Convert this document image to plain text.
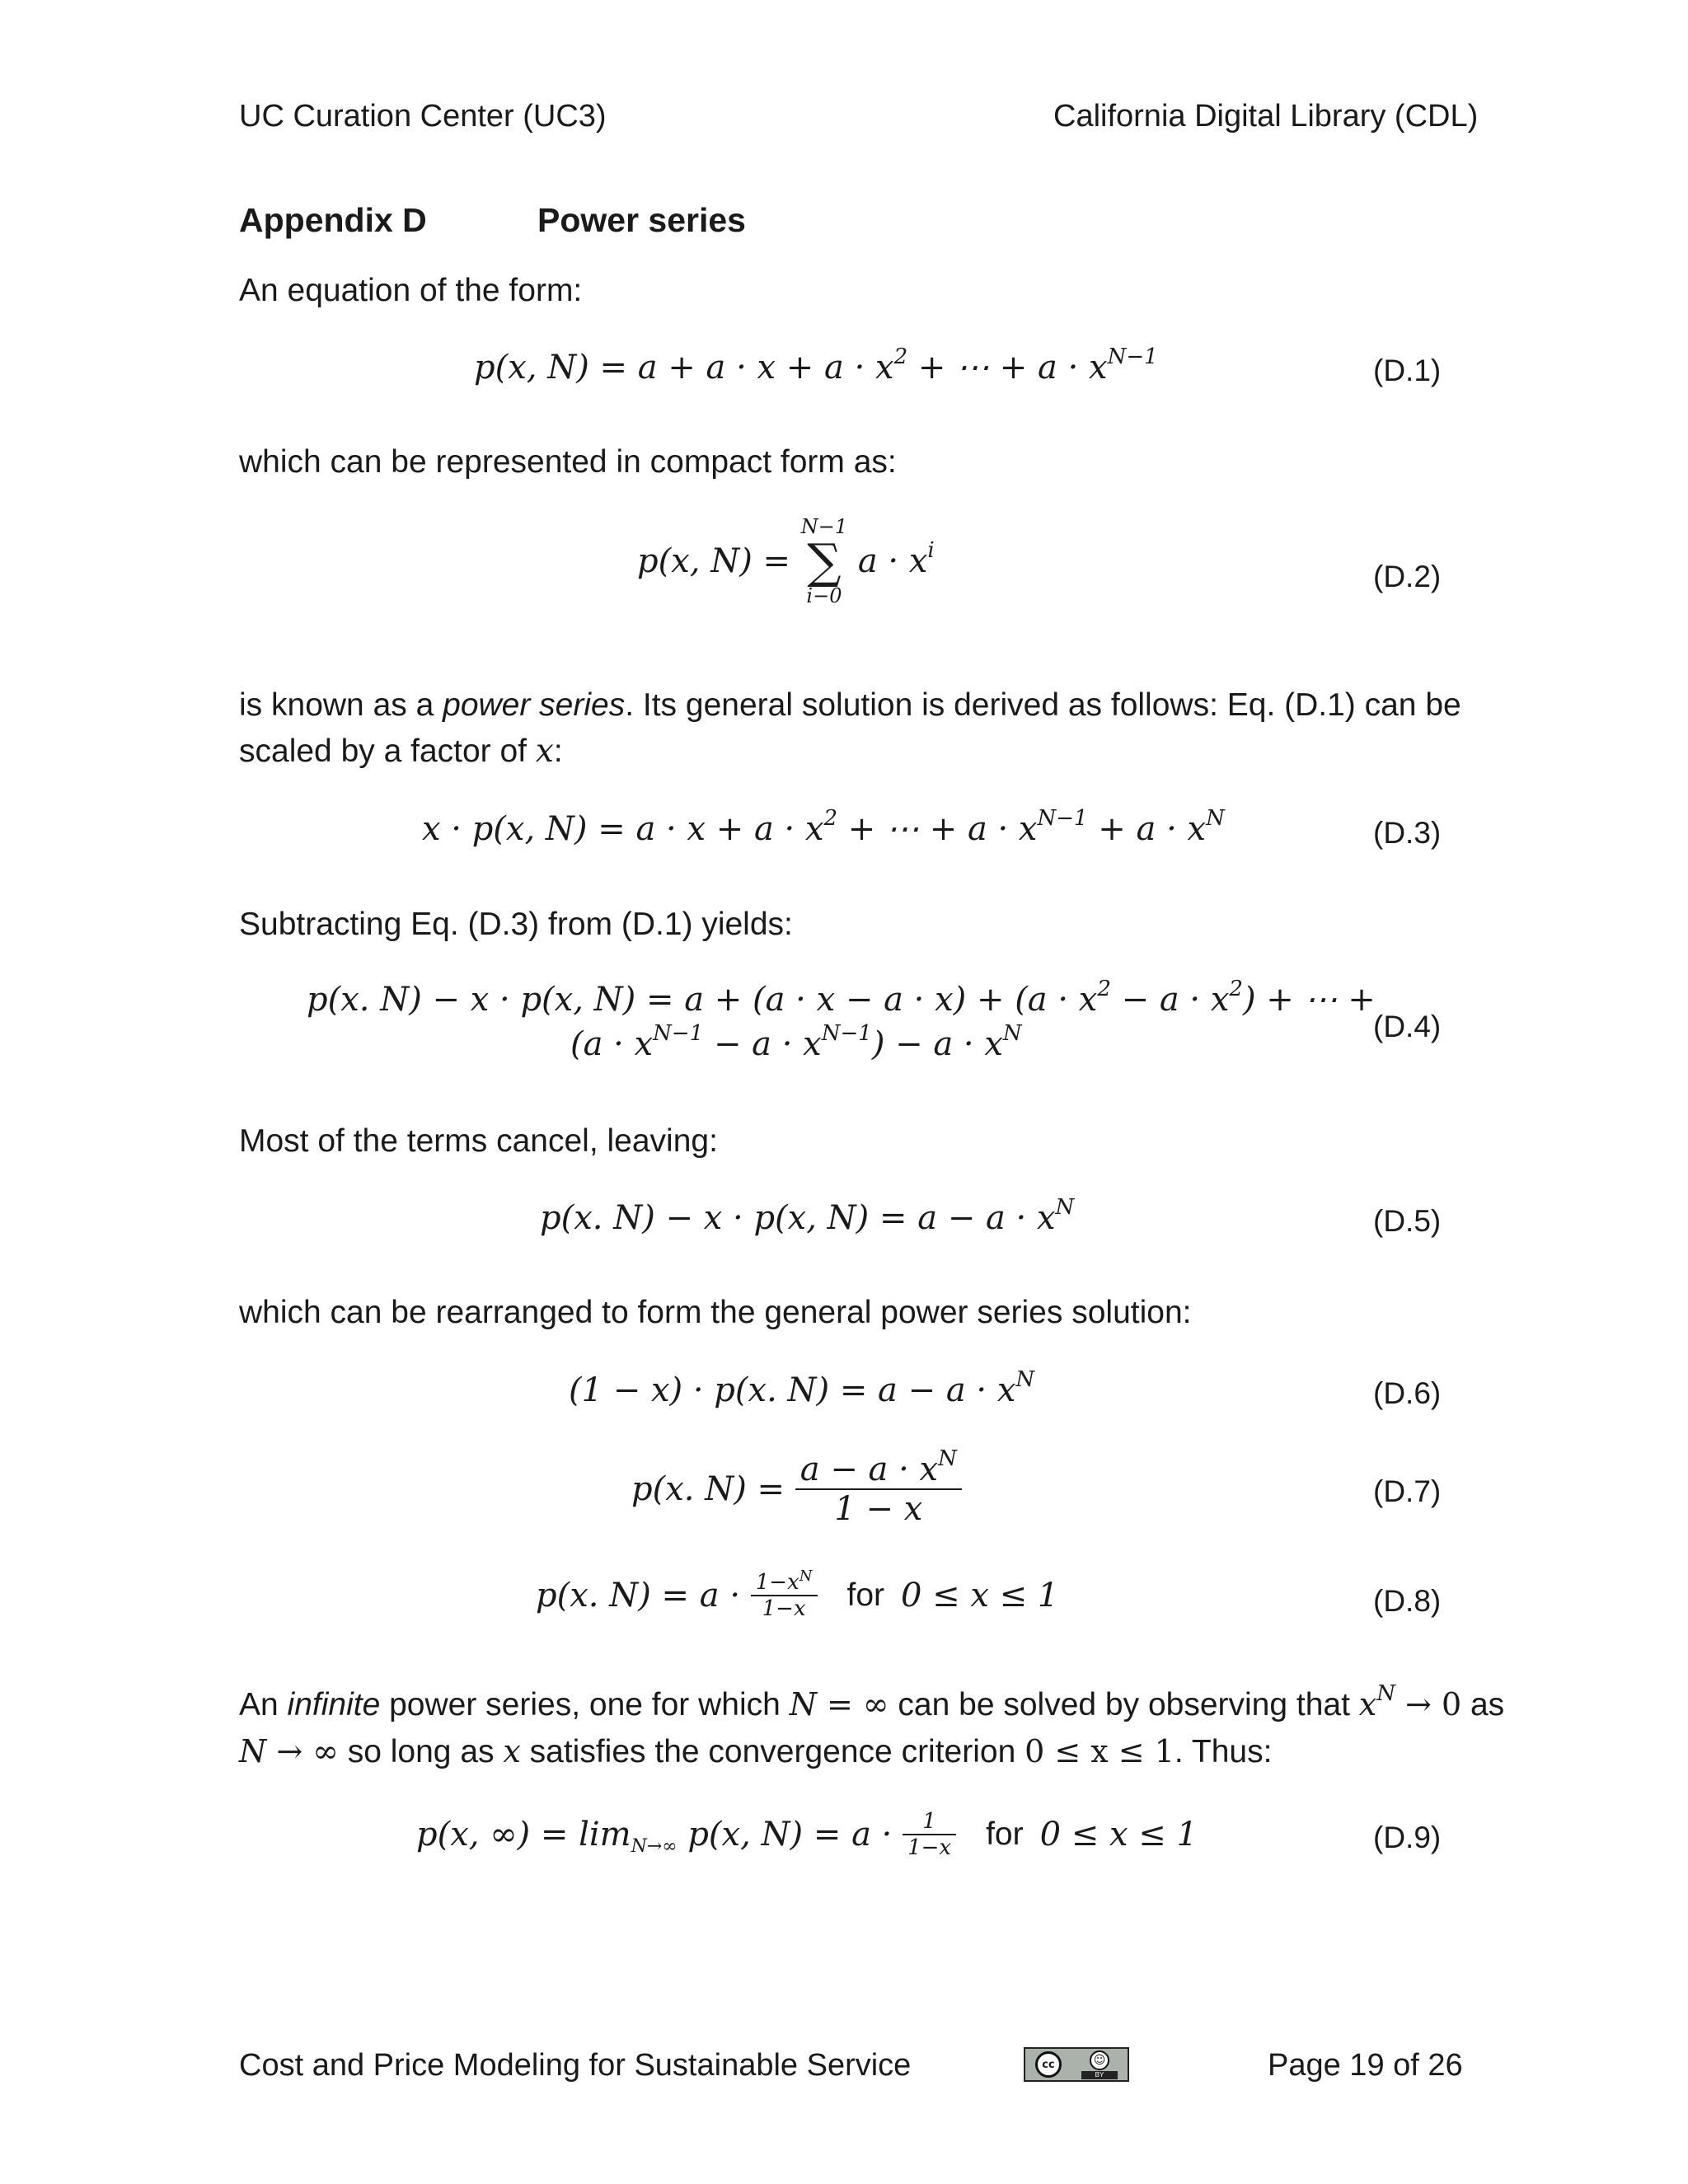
UC Curation Center (UC3)	California Digital Library (CDL)
Appendix D	Power series
An equation of the form:
p(x, $N) = a + a \cdot x + a \cdot x^2$ + ⋯ + $a \cdot x^{N-1}$	(D.1)
which can be represented in compact form as:
p(x, N) =
N−1
∑
i−0
$a \cdot x^i$
(D.2)
is known as a power series. Its general solution is derived as follows: Eq. (D.1) can be
scaled by a factor of x:
x · p(x, $N) = a \cdot x + a \cdot x^2$ + ⋯ + $a \cdot x^{N-1} + a \cdot x^N$	(D.3)
Subtracting Eq. (D.3) from (D.1) yields:
p(x. N) − x · p(x, $N) = a + (a \cdot x - a \cdot x) + (a \cdot x^2 - a \cdot x^2)$ + ⋯ +
$(a \cdot x^{N-1} - a \cdot x^{N-1}) - a \cdot x^N$	(D.4)
Most of the terms cancel, leaving:
p(x. N) − x · p(x, $N) = a - a \cdot x^N$	(D.5)
which can be rearranged to form the general power series solution:
(1 − x) · p(x. $N) = a - a \cdot x^N$	(D.6)
p(x. $N) = \frac{a - a \cdot x^N}{1 - x}$	(D.7)
p(x. $N) = a \cdot \frac{1-x^N}{1-x}$ for 0 ≤ x ≤ 1	(D.8)
An infinite power series, one for which N = ∞ can be solved by observing that $x^N \to 0$ as
N → ∞ so long as x satisfies the convergence criterion 0 ≤ x ≤ 1. Thus:
p(x, ∞) = $\lim_{N\to\infty} p(x$, $N) = a \cdot \frac{1}{1-x}$ for 0 ≤ x ≤ 1	(D.9)
Cost and Price Modeling for Sustainable Service	cc	☺
BY	Page 19 of 26
